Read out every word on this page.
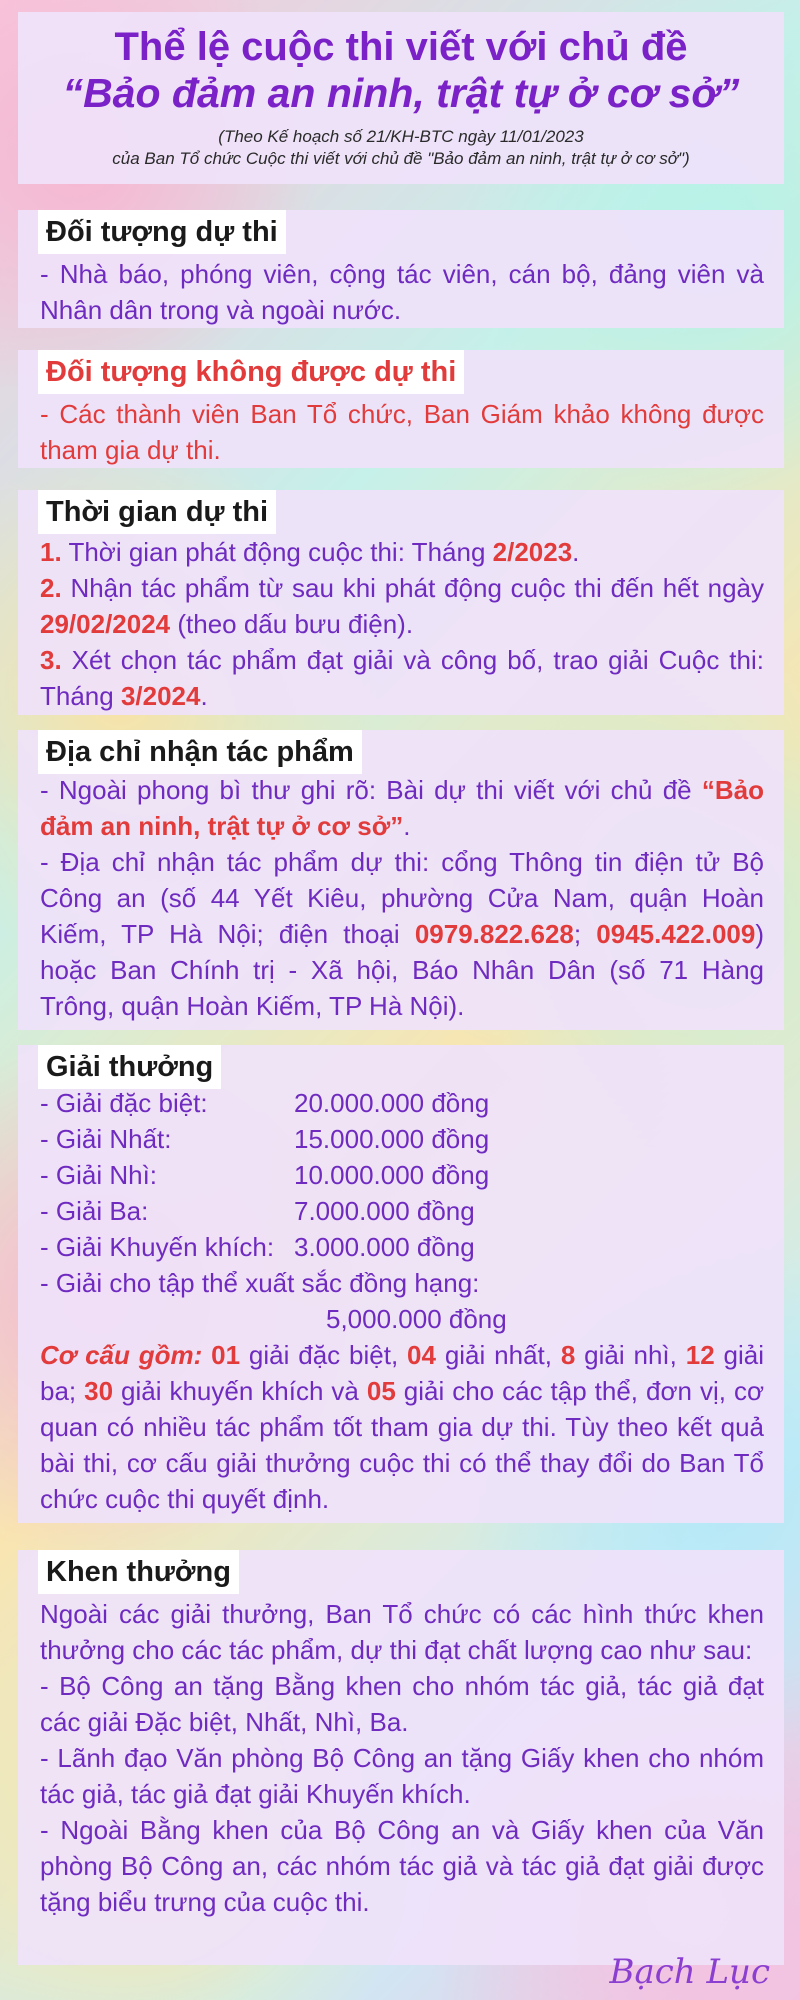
Thể lệ cuộc thi viết với chủ đề
“Bảo đảm an ninh, trật tự ở cơ sở”
(Theo Kế hoạch số 21/KH-BTC ngày 11/01/2023
của Ban Tổ chức Cuộc thi viết với chủ đề "Bảo đảm an ninh, trật tự ở cơ sở")
Đối tượng dự thi

- Nhà báo, phóng viên, cộng tác viên, cán bộ, đảng viên và Nhân dân trong và ngoài nước.

Đối tượng không được dự thi

- Các thành viên Ban Tổ chức, Ban Giám khảo không được tham gia dự thi.

Thời gian dự thi

1. Thời gian phát động cuộc thi: Tháng 2/2023.

2. Nhận tác phẩm từ sau khi phát động cuộc thi đến hết ngày 29/02/2024 (theo dấu bưu điện).

3. Xét chọn tác phẩm đạt giải và công bố, trao giải Cuộc thi: Tháng 3/2024.

Địa chỉ nhận tác phẩm

- Ngoài phong bì thư ghi rõ: Bài dự thi viết với chủ đề “Bảo đảm an ninh, trật tự ở cơ sở”.

- Địa chỉ nhận tác phẩm dự thi: cổng Thông tin điện tử Bộ Công an (số 44 Yết Kiêu, phường Cửa Nam, quận Hoàn Kiếm, TP Hà Nội; điện thoại 0979.822.628; 0945.422.009) hoặc Ban Chính trị - Xã hội, Báo Nhân Dân (số 71 Hàng Trông, quận Hoàn Kiếm, TP Hà Nội).

Giải thưởng
- Giải đặc biệt:	20.000.000 đồng
- Giải Nhất:	15.000.000 đồng
- Giải Nhì:	10.000.000 đồng
- Giải Ba:	7.000.000 đồng
- Giải Khuyến khích: 3.000.000 đồng

- Giải cho tập thể xuất sắc đồng hạng:

5,000.000 đồng

Cơ cấu gồm: 01 giải đặc biệt, 04 giải nhất, 8 giải nhì, 12 giải ba; 30 giải khuyến khích và 05 giải cho các tập thể, đơn vị, cơ quan có nhiều tác phẩm tốt tham gia dự thi. Tùy theo kết quả bài thi, cơ cấu giải thưởng cuộc thi có thể thay đổi do Ban Tổ chức cuộc thi quyết định.

Khen thưởng

Ngoài các giải thưởng, Ban Tổ chức có các hình thức khen thưởng cho các tác phẩm, dự thi đạt chất lượng cao như sau:

- Bộ Công an tặng Bằng khen cho nhóm tác giả, tác giả đạt các giải Đặc biệt, Nhất, Nhì, Ba.

- Lãnh đạo Văn phòng Bộ Công an tặng Giấy khen cho nhóm tác giả, tác giả đạt giải Khuyến khích.

- Ngoài Bằng khen của Bộ Công an và Giấy khen của Văn phòng Bộ Công an, các nhóm tác giả và tác giả đạt giải được tặng biểu trưng của cuộc thi.

Bạch Lục
